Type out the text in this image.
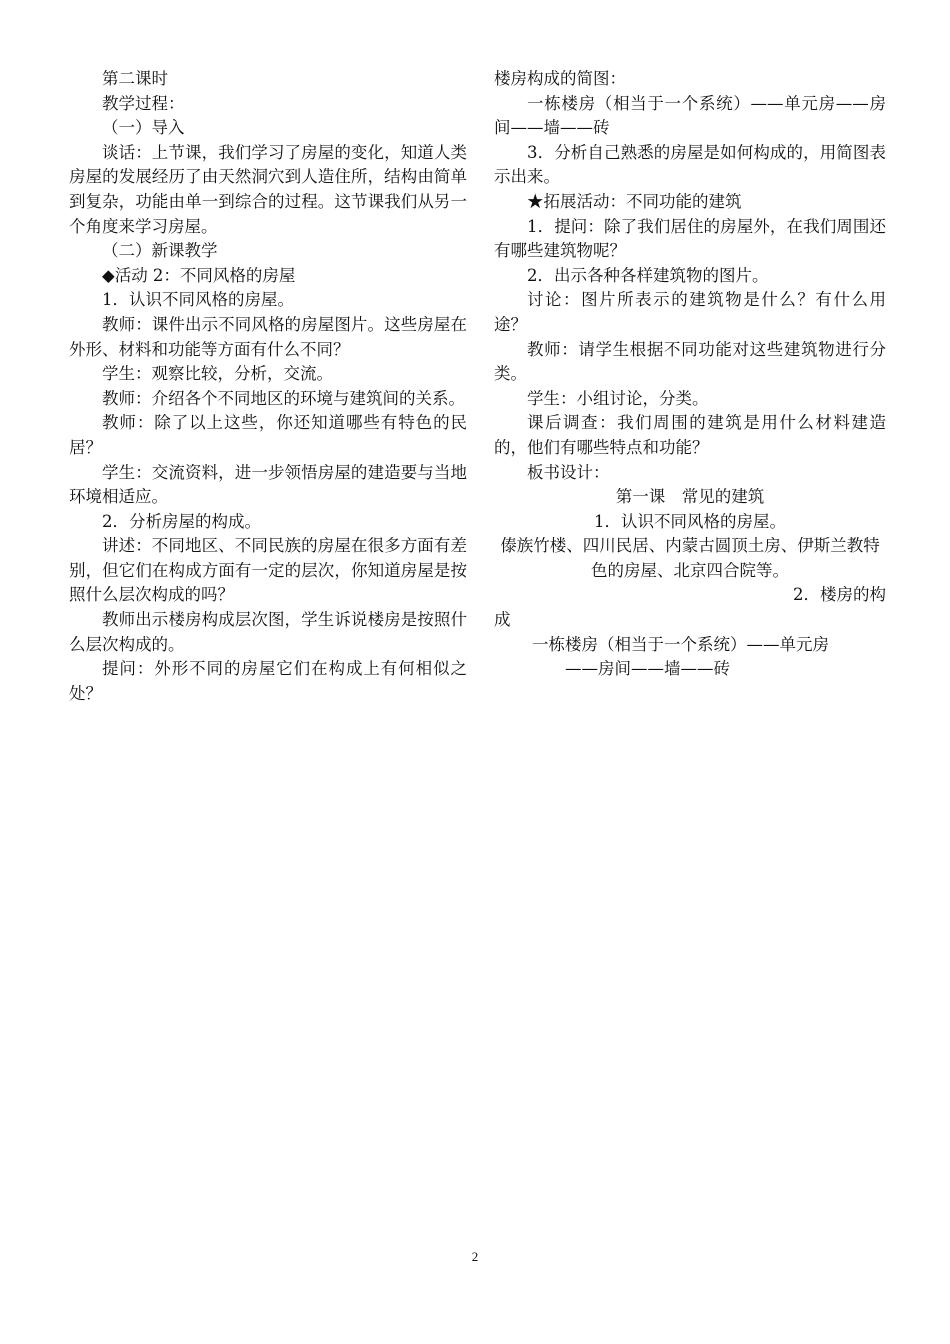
第二课时

教学过程：

（一）导入

谈话：上节课，我们学习了房屋的变化，知道人类房屋的发展经历了由天然洞穴到人造住所，结构由简单到复杂，功能由单一到综合的过程。这节课我们从另一个角度来学习房屋。

（二）新课教学

◆活动 2：不同风格的房屋

1．认识不同风格的房屋。

教师：课件出示不同风格的房屋图片。这些房屋在外形、材料和功能等方面有什么不同？

学生：观察比较，分析，交流。

教师：介绍各个不同地区的环境与建筑间的关系。

教师：除了以上这些，你还知道哪些有特色的民居？

学生：交流资料，进一步领悟房屋的建造要与当地环境相适应。

2．分析房屋的构成。

讲述：不同地区、不同民族的房屋在很多方面有差别，但它们在构成方面有一定的层次，你知道房屋是按照什么层次构成的吗？

教师出示楼房构成层次图，学生诉说楼房是按照什么层次构成的。

提问：外形不同的房屋它们在构成上有何相似之处？

楼房构成的简图：

一栋楼房（相当于一个系统）——单元房——房间——墙——砖

3．分析自己熟悉的房屋是如何构成的，用简图表示出来。

★拓展活动：不同功能的建筑

1．提问：除了我们居住的房屋外，在我们周围还有哪些建筑物呢？

2．出示各种各样建筑物的图片。

讨论：图片所表示的建筑物是什么？有什么用途？

教师：请学生根据不同功能对这些建筑物进行分类。

学生：小组讨论，分类。

课后调查：我们周围的建筑是用什么材料建造的，他们有哪些特点和功能？

板书设计：

第一课　常见的建筑

1．认识不同风格的房屋。

傣族竹楼、四川民居、内蒙古圆顶土房、伊斯兰教特色的房屋、北京四合院等。

2．楼房的构

成

一栋楼房（相当于一个系统）——单元房

——房间——墙——砖

2
